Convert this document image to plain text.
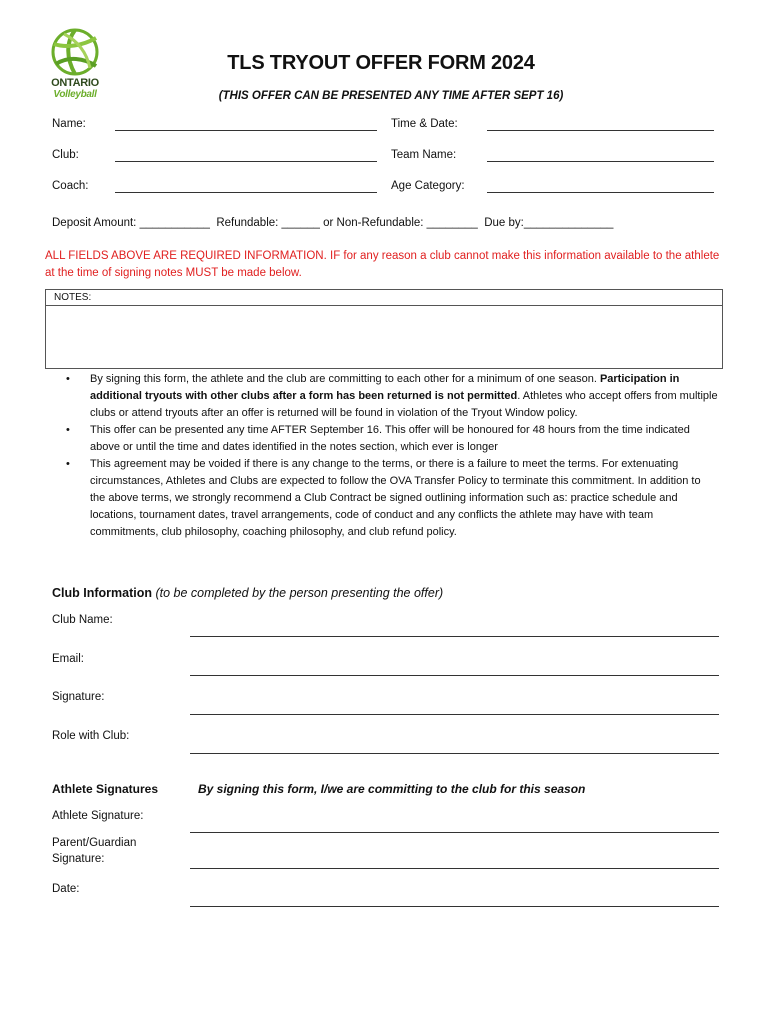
ONTARIO
Volleyball
TLS TRYOUT OFFER FORM 2024
(THIS OFFER CAN BE PRESENTED ANY TIME AFTER SEPT 16)
Name:	Time & Date:
Club:	Team Name:
Coach:	Age Category:
Deposit Amount: ___________  Refundable: ______ or Non-Refundable: ________  Due by:______________
ALL FIELDS ABOVE ARE REQUIRED INFORMATION. IF for any reason a club cannot make this information available to the athlete at the time of signing notes MUST be made below.
NOTES:
• By signing this form, the athlete and the club are committing to each other for a minimum of one season. Participation in additional tryouts with other clubs after a form has been returned is not permitted. Athletes who accept offers from multiple clubs or attend tryouts after an offer is returned will be found in violation of the Tryout Window policy.
• This offer can be presented any time AFTER September 16. This offer will be honoured for 48 hours from the time indicated above or until the time and dates identified in the notes section, which ever is longer
• This agreement may be voided if there is any change to the terms, or there is a failure to meet the terms. For extenuating circumstances, Athletes and Clubs are expected to follow the OVA Transfer Policy to terminate this commitment. In addition to the above terms, we strongly recommend a Club Contract be signed outlining information such as: practice schedule and locations, tournament dates, travel arrangements, code of conduct and any conflicts the athlete may have with team commitments, club philosophy, coaching philosophy, and club refund policy.
Club Information (to be completed by the person presenting the offer)
Club Name:
Email:
Signature:
Role with Club:
Athlete Signatures	By signing this form, I/we are committing to the club for this season
Athlete Signature:
Parent/Guardian
Signature:
Date:
